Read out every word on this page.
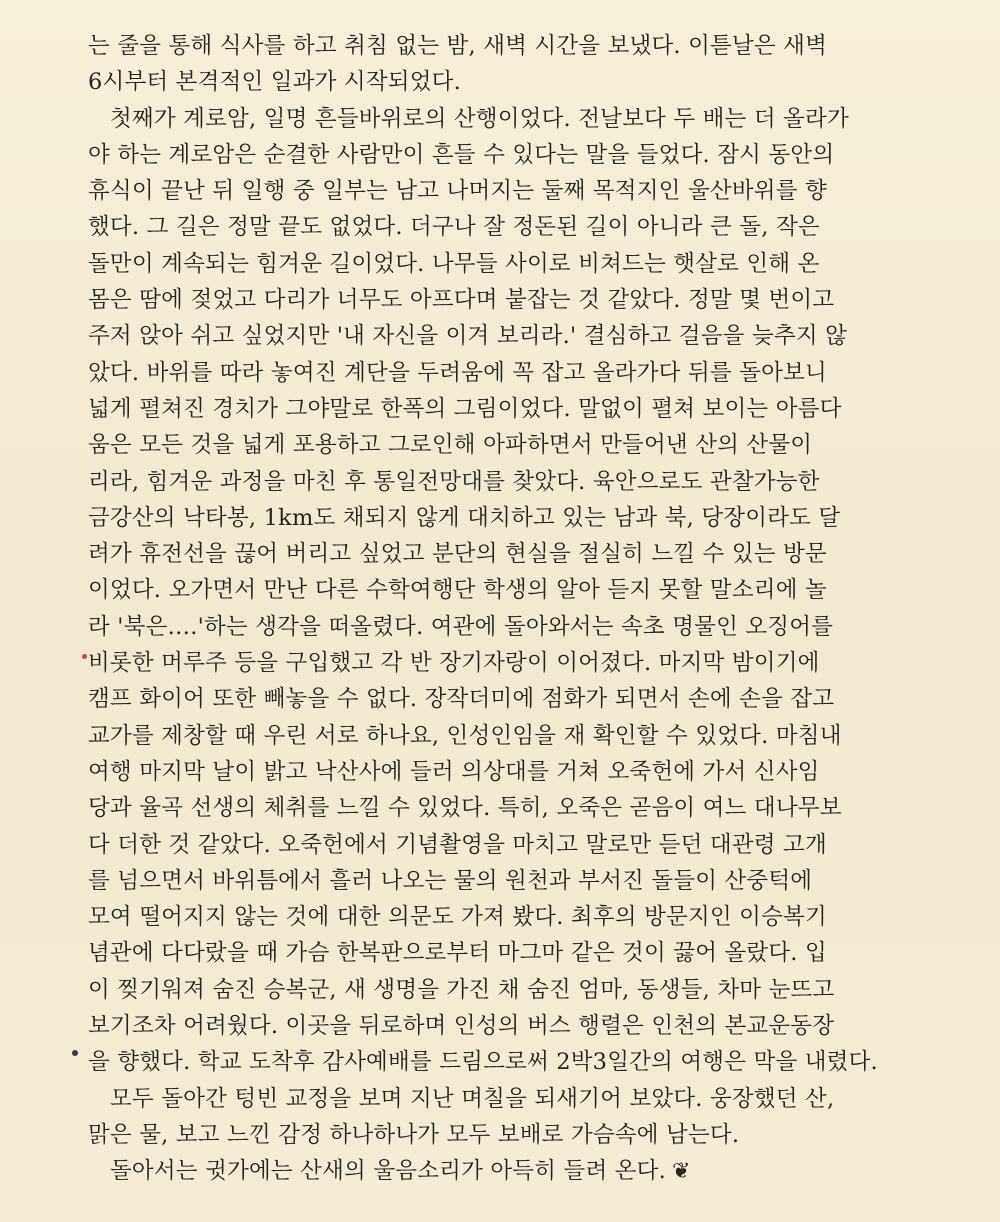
는 줄을 통해 식사를 하고 취침 없는 밤, 새벽 시간을 보냈다. 이튿날은 새벽
6시부터 본격적인 일과가 시작되었다.
첫째가 계로암, 일명 흔들바위로의 산행이었다. 전날보다 두 배는 더 올라가
야 하는 계로암은 순결한 사람만이 흔들 수 있다는 말을 들었다. 잠시 동안의
휴식이 끝난 뒤 일행 중 일부는 남고 나머지는 둘째 목적지인 울산바위를 향
했다. 그 길은 정말 끝도 없었다. 더구나 잘 정돈된 길이 아니라 큰 돌, 작은
돌만이 계속되는 힘겨운 길이었다. 나무들 사이로 비쳐드는 햇살로 인해 온
몸은 땀에 젖었고 다리가 너무도 아프다며 붙잡는 것 같았다. 정말 몇 번이고
주저 앉아 쉬고 싶었지만 '내 자신을 이겨 보리라.' 결심하고 걸음을 늦추지 않
았다. 바위를 따라 놓여진 계단을 두려움에 꼭 잡고 올라가다 뒤를 돌아보니
넓게 펼쳐진 경치가 그야말로 한폭의 그림이었다. 말없이 펼쳐 보이는 아름다
움은 모든 것을 넓게 포용하고 그로인해 아파하면서 만들어낸 산의 산물이
리라, 힘겨운 과정을 마친 후 통일전망대를 찾았다. 육안으로도 관찰가능한
금강산의 낙타봉, 1km도 채되지 않게 대치하고 있는 남과 북, 당장이라도 달
려가 휴전선을 끊어 버리고 싶었고 분단의 현실을 절실히 느낄 수 있는 방문
이었다. 오가면서 만난 다른 수학여행단 학생의 알아 듣지 못할 말소리에 놀
라 '북은….'하는 생각을 떠올렸다. 여관에 돌아와서는 속초 명물인 오징어를
비롯한 머루주 등을 구입했고 각 반 장기자랑이 이어졌다. 마지막 밤이기에
캠프 화이어 또한 빼놓을 수 없다. 장작더미에 점화가 되면서 손에 손을 잡고
교가를 제창할 때 우린 서로 하나요, 인성인임을 재 확인할 수 있었다. 마침내
여행 마지막 날이 밝고 낙산사에 들러 의상대를 거쳐 오죽헌에 가서 신사임
당과 율곡 선생의 체취를 느낄 수 있었다. 특히, 오죽은 곧음이 여느 대나무보
다 더한 것 같았다. 오죽헌에서 기념촬영을 마치고 말로만 듣던 대관령 고개
를 넘으면서 바위틈에서 흘러 나오는 물의 원천과 부서진 돌들이 산중턱에
모여 떨어지지 않는 것에 대한 의문도 가져 봤다. 최후의 방문지인 이승복기
념관에 다다랐을 때 가슴 한복판으로부터 마그마 같은 것이 끓어 올랐다. 입
이 찢기워져 숨진 승복군, 새 생명을 가진 채 숨진 엄마, 동생들, 차마 눈뜨고
보기조차 어려웠다. 이곳을 뒤로하며 인성의 버스 행렬은 인천의 본교운동장
을 향했다. 학교 도착후 감사예배를 드림으로써 2박3일간의 여행은 막을 내렸다.
모두 돌아간 텅빈 교정을 보며 지난 며칠을 되새기어 보았다. 웅장했던 산,
맑은 물, 보고 느낀 감정 하나하나가 모두 보배로 가슴속에 남는다.
돌아서는 귓가에는 산새의 울음소리가 아득히 들려 온다. ❦
